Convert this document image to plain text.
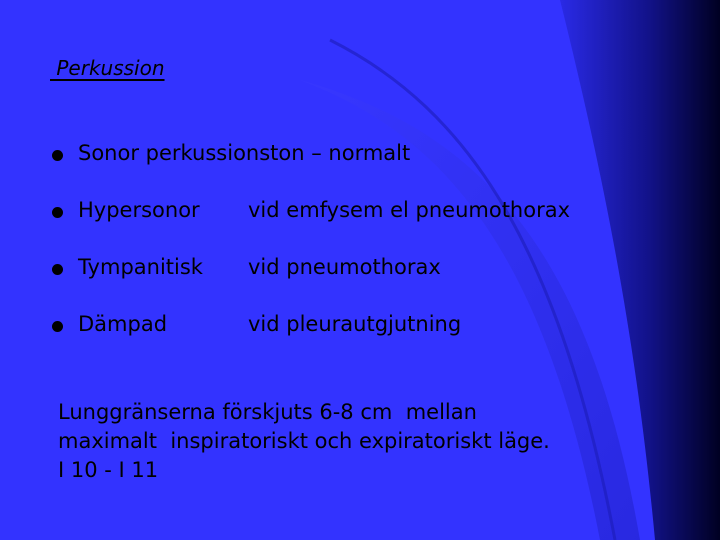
Perkussion
Sonor perkussionston – normalt
Hypersonor vid emfysem el pneumothorax
Tympanitisk vid pneumothorax
Dämpad	vid pleurautgjutning
Lunggränserna förskjuts 6-8 cm  mellan
maximalt  inspiratoriskt och expiratoriskt läge.
I 10 - I 11
